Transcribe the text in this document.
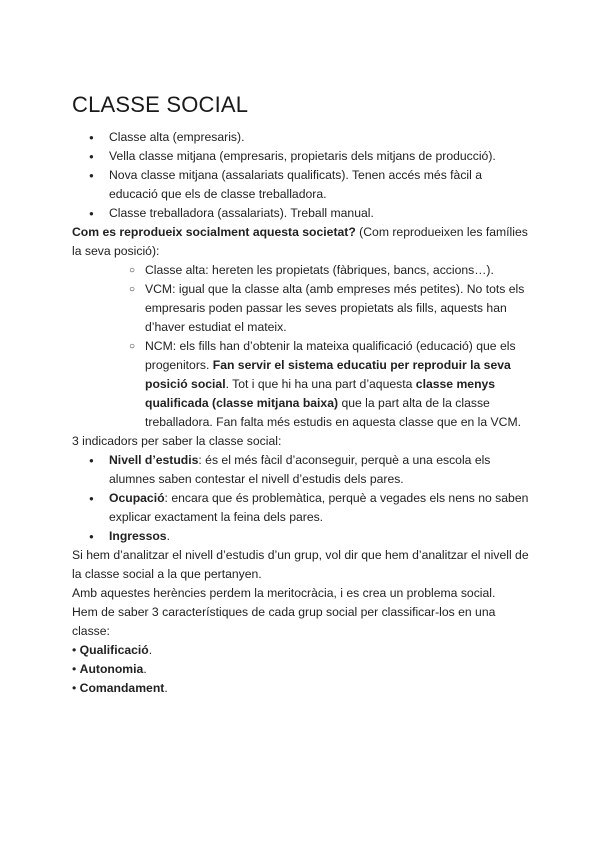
CLASSE SOCIAL
● Classe alta (empresaris).
● Vella classe mitjana (empresaris, propietaris dels mitjans de producció).
● Nova classe mitjana (assalariats qualificats). Tenen accés més fàcil a educació que els de classe treballadora.
● Classe treballadora (assalariats). Treball manual.

Com es reprodueix socialment aquesta societat? (Com reprodueixen les famílies la seva posició):

○ Classe alta: hereten les propietats (fàbriques, bancs, accions…).
○ VCM: igual que la classe alta (amb empreses més petites). No tots els empresaris poden passar les seves propietats als fills, aquests han d’haver estudiat el mateix.
○ NCM: els fills han d’obtenir la mateixa qualificació (educació) que els progenitors. Fan servir el sistema educatiu per reproduir la seva posició social. Tot i que hi ha una part d’aquesta classe menys qualificada (classe mitjana baixa) que la part alta de la classe treballadora. Fan falta més estudis en aquesta classe que en la VCM.

3 indicadors per saber la classe social:

● Nivell d’estudis: és el més fàcil d’aconseguir, perquè a una escola els alumnes saben contestar el nivell d’estudis dels pares.
● Ocupació: encara que és problemàtica, perquè a vegades els nens no saben explicar exactament la feina dels pares.
● Ingressos.

Si hem d’analitzar el nivell d’estudis d’un grup, vol dir que hem d’analitzar el nivell de la classe social a la que pertanyen.

Amb aquestes herències perdem la meritocràcia, i es crea un problema social.

Hem de saber 3 característiques de cada grup social per classificar-los en una classe:

• Qualificació.
• Autonomia.
• Comandament.
